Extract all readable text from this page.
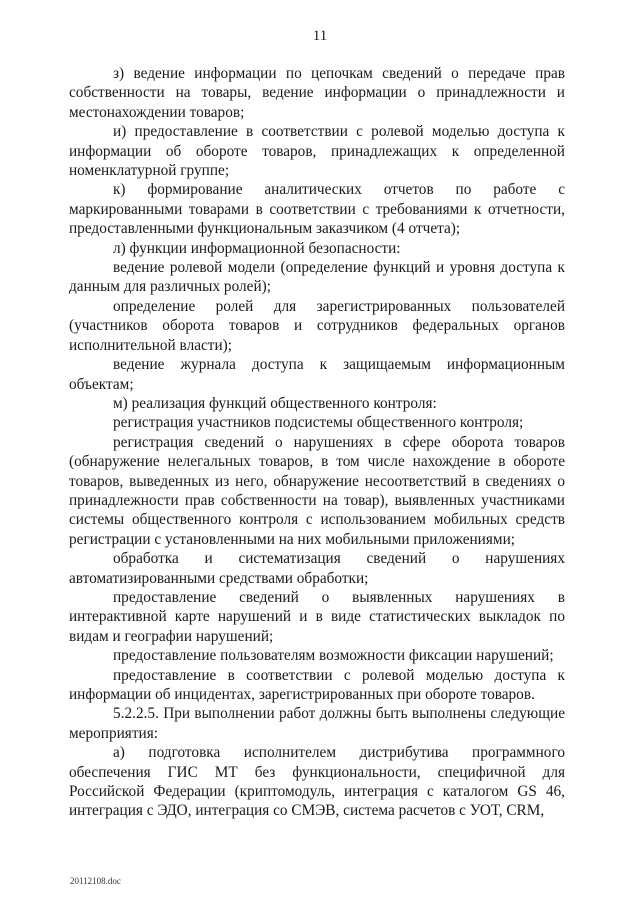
11

з) ведение информации по цепочкам сведений о передаче прав собственности на товары, ведение информации о принадлежности и местонахождении товаров;

и) предоставление в соответствии с ролевой моделью доступа к информации об обороте товаров, принадлежащих к определенной номенклатурной группе;

к) формирование аналитических отчетов по работе с маркированными товарами в соответствии с требованиями к отчетности, предоставленными функциональным заказчиком (4 отчета);

л) функции информационной безопасности:

ведение ролевой модели (определение функций и уровня доступа к данным для различных ролей);

определение ролей для зарегистрированных пользователей (участников оборота товаров и сотрудников федеральных органов исполнительной власти);

ведение журнала доступа к защищаемым информационным объектам;

м) реализация функций общественного контроля:

регистрация участников подсистемы общественного контроля;

регистрация сведений о нарушениях в сфере оборота товаров (обнаружение нелегальных товаров, в том числе нахождение в обороте товаров, выведенных из него, обнаружение несоответствий в сведениях о принадлежности прав собственности на товар), выявленных участниками системы общественного контроля с использованием мобильных средств регистрации с установленными на них мобильными приложениями;

обработка и систематизация сведений о нарушениях автоматизированными средствами обработки;

предоставление сведений о выявленных нарушениях в интерактивной карте нарушений и в виде статистических выкладок по видам и географии нарушений;

предоставление пользователям возможности фиксации нарушений;

предоставление в соответствии с ролевой моделью доступа к информации об инцидентах, зарегистрированных при обороте товаров.

5.2.2.5. При выполнении работ должны быть выполнены следующие мероприятия:

а) подготовка исполнителем дистрибутива программного обеспечения ГИС МТ без функциональности, специфичной для Российской Федерации (криптомодуль, интеграция с каталогом GS 46, интеграция с ЭДО, интеграция со СМЭВ, система расчетов с УОТ, CRM,

20112108.doc
